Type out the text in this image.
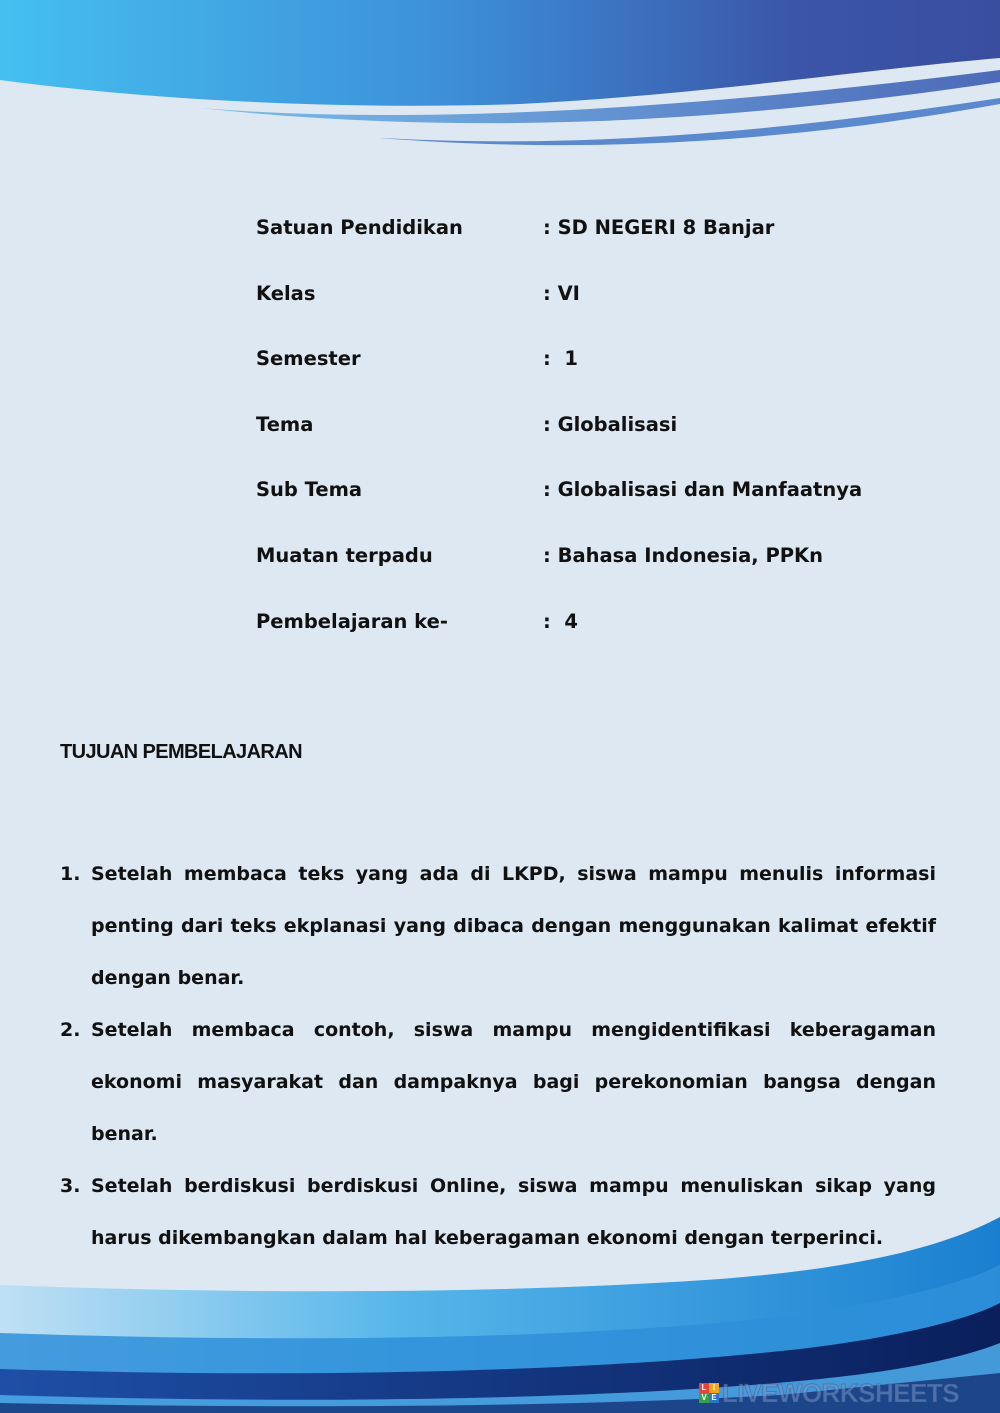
Satuan Pendidikan	: SD NEGERI 8 Banjar
Kelas	: VI
Semester	:  1
Tema	: Globalisasi
Sub Tema	: Globalisasi dan Manfaatnya
Muatan terpadu	: Bahasa Indonesia, PPKn
Pembelajaran ke-	:  4
TUJUAN PEMBELAJARAN
1. Setelah membaca teks yang ada di LKPD, siswa mampu menulis informasi penting dari teks ekplanasi yang dibaca dengan menggunakan kalimat efektif dengan benar.
2. Setelah membaca contoh, siswa mampu mengidentifikasi keberagaman ekonomi masyarakat dan dampaknya bagi perekonomian bangsa dengan benar.
3. Setelah berdiskusi berdiskusi Online, siswa mampu menuliskan sikap yang harus dikembangkan dalam hal keberagaman ekonomi dengan terperinci.
L I
V E LIVEWORKSHEETS
